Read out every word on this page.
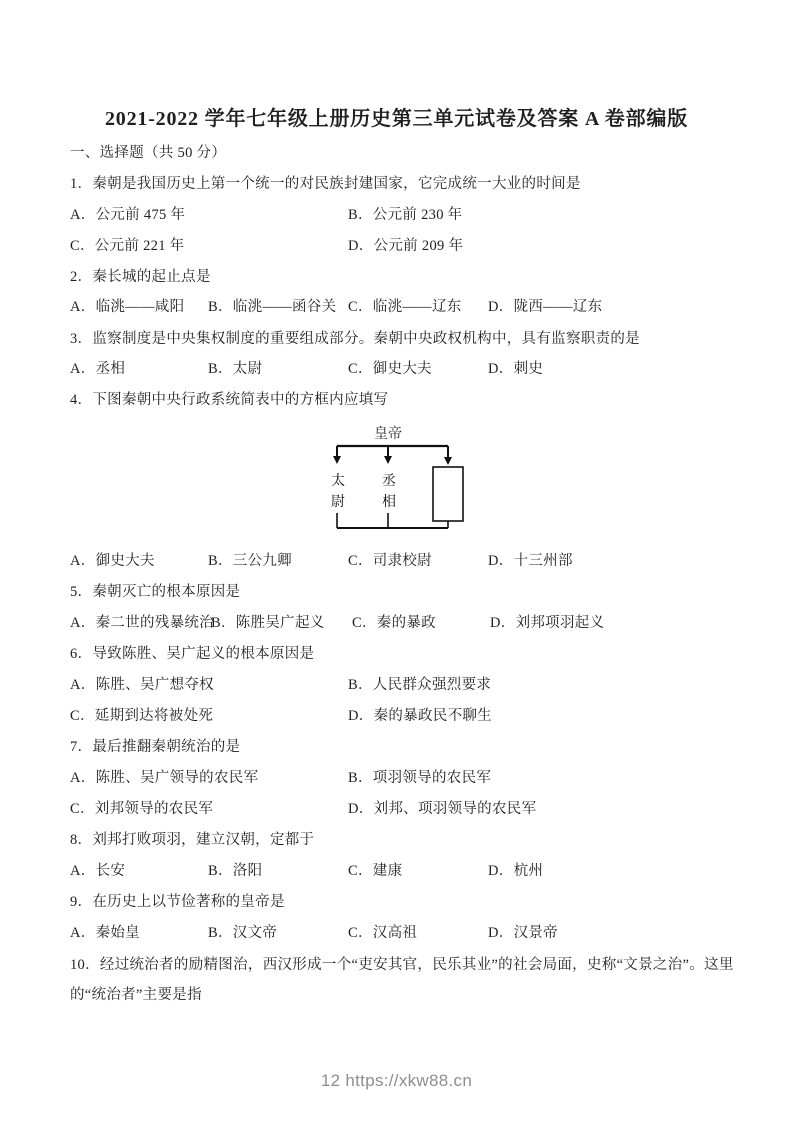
2021-2022 学年七年级上册历史第三单元试卷及答案 A 卷部编版
一、选择题（共 50 分）
1．秦朝是我国历史上第一个统一的对民族封建国家，它完成统一大业的时间是
A．公元前 475 年	B．公元前 230 年
C．公元前 221 年	D．公元前 209 年
2．秦长城的起止点是
A．临洮——咸阳 B．临洮——函谷关 C．临洮——辽东 D．陇西——辽东
3．监察制度是中央集权制度的重要组成部分。秦朝中央政权机构中，具有监察职责的是
A．丞相	B．太尉	C．御史大夫	D．刺史
4．下图秦朝中央行政系统简表中的方框内应填写
皇帝
太尉
丞相
A．御史大夫	B．三公九卿	C．司隶校尉	D．十三州部
5．秦朝灭亡的根本原因是
A．秦二世的残暴统治
B．陈胜吴广起义 C．秦的暴政	D．刘邦项羽起义
6．导致陈胜、吴广起义的根本原因是
A．陈胜、吴广想夺权	B．人民群众强烈要求
C．延期到达将被处死	D．秦的暴政民不聊生
7．最后推翻秦朝统治的是
A．陈胜、吴广领导的农民军	B．项羽领导的农民军
C．刘邦领导的农民军	D．刘邦、项羽领导的农民军
8．刘邦打败项羽，建立汉朝，定都于
A．长安	B．洛阳	C．建康	D．杭州
9．在历史上以节俭著称的皇帝是
A．秦始皇	B．汉文帝	C．汉高祖	D．汉景帝
10．经过统治者的励精图治，西汉形成一个“吏安其官，民乐其业”的社会局面，史称“文景之治”。这里
的“统治者”主要是指
12 https://xkw88.cn
